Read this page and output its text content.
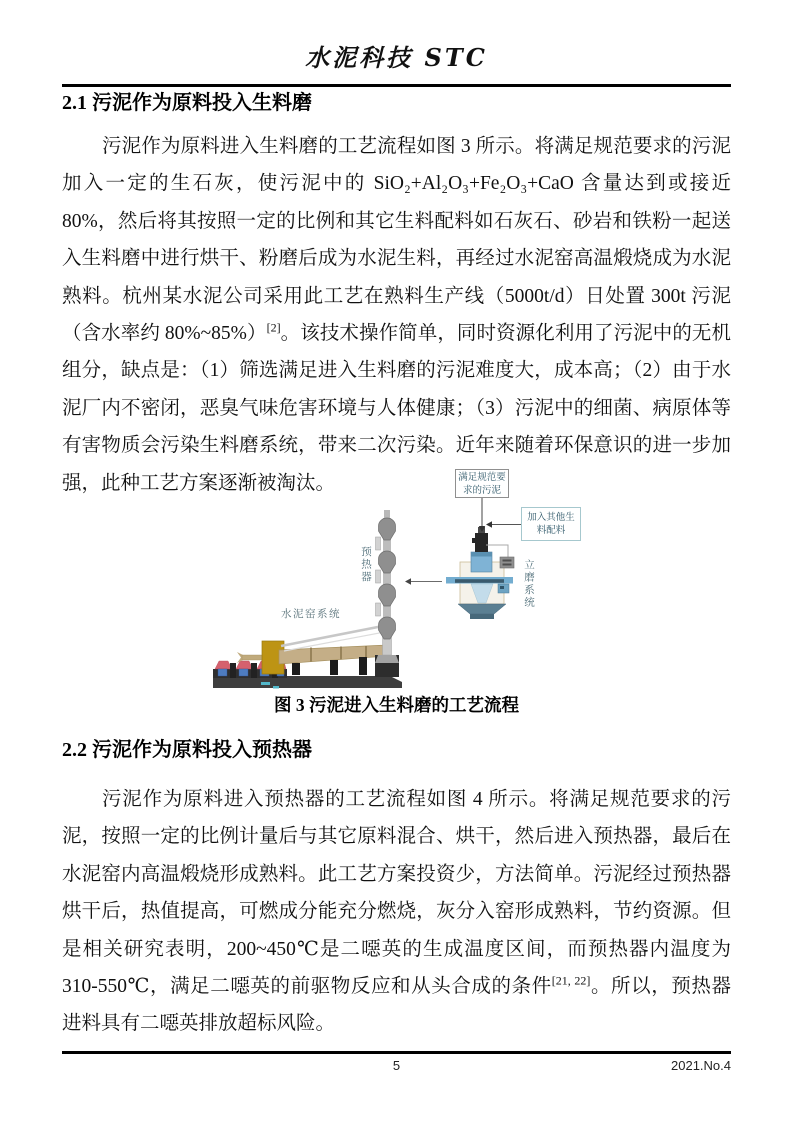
水泥科技 STC
2.1 污泥作为原料投入生料磨

污泥作为原料进入生料磨的工艺流程如图 3 所示。将满足规范要求的污泥加入一定的生石灰，使污泥中的 SiO₂+Al₂O₃+Fe₂O₃+CaO 含量达到或接近 80%，然后将其按照一定的比例和其它生料配料如石灰石、砂岩和铁粉一起送入生料磨中进行烘干、粉磨后成为水泥生料，再经过水泥窑高温煅烧成为水泥熟料。杭州某水泥公司采用此工艺在熟料生产线（5000t/d）日处置 300t 污泥（含水率约 80%~85%）[2]。该技术操作简单，同时资源化利用了污泥中的无机组分，缺点是：（1）筛选满足进入生料磨的污泥难度大，成本高；（2）由于水泥厂内不密闭，恶臭气味危害环境与人体健康；（3）污泥中的细菌、病原体等有害物质会污染生料磨系统，带来二次污染。近年来随着环保意识的进一步加强，此种工艺方案逐渐被淘汰。	满足规范要求的污泥
加入其他生料配料
预热器	立磨系统
水泥窑系统
图 3 污泥进入生料磨的工艺流程
2.2 污泥作为原料投入预热器

污泥作为原料进入预热器的工艺流程如图 4 所示。将满足规范要求的污泥，按照一定的比例计量后与其它原料混合、烘干，然后进入预热器，最后在水泥窑内高温煅烧形成熟料。此工艺方案投资少，方法简单。污泥经过预热器烘干后，热值提高，可燃成分能充分燃烧，灰分入窑形成熟料，节约资源。但是相关研究表明，200~450℃是二噁英的生成温度区间，而预热器内温度为 310-550℃，满足二噁英的前驱物反应和从头合成的条件[21, 22]。所以，预热器进料具有二噁英排放超标风险。

5	2021.No.4
